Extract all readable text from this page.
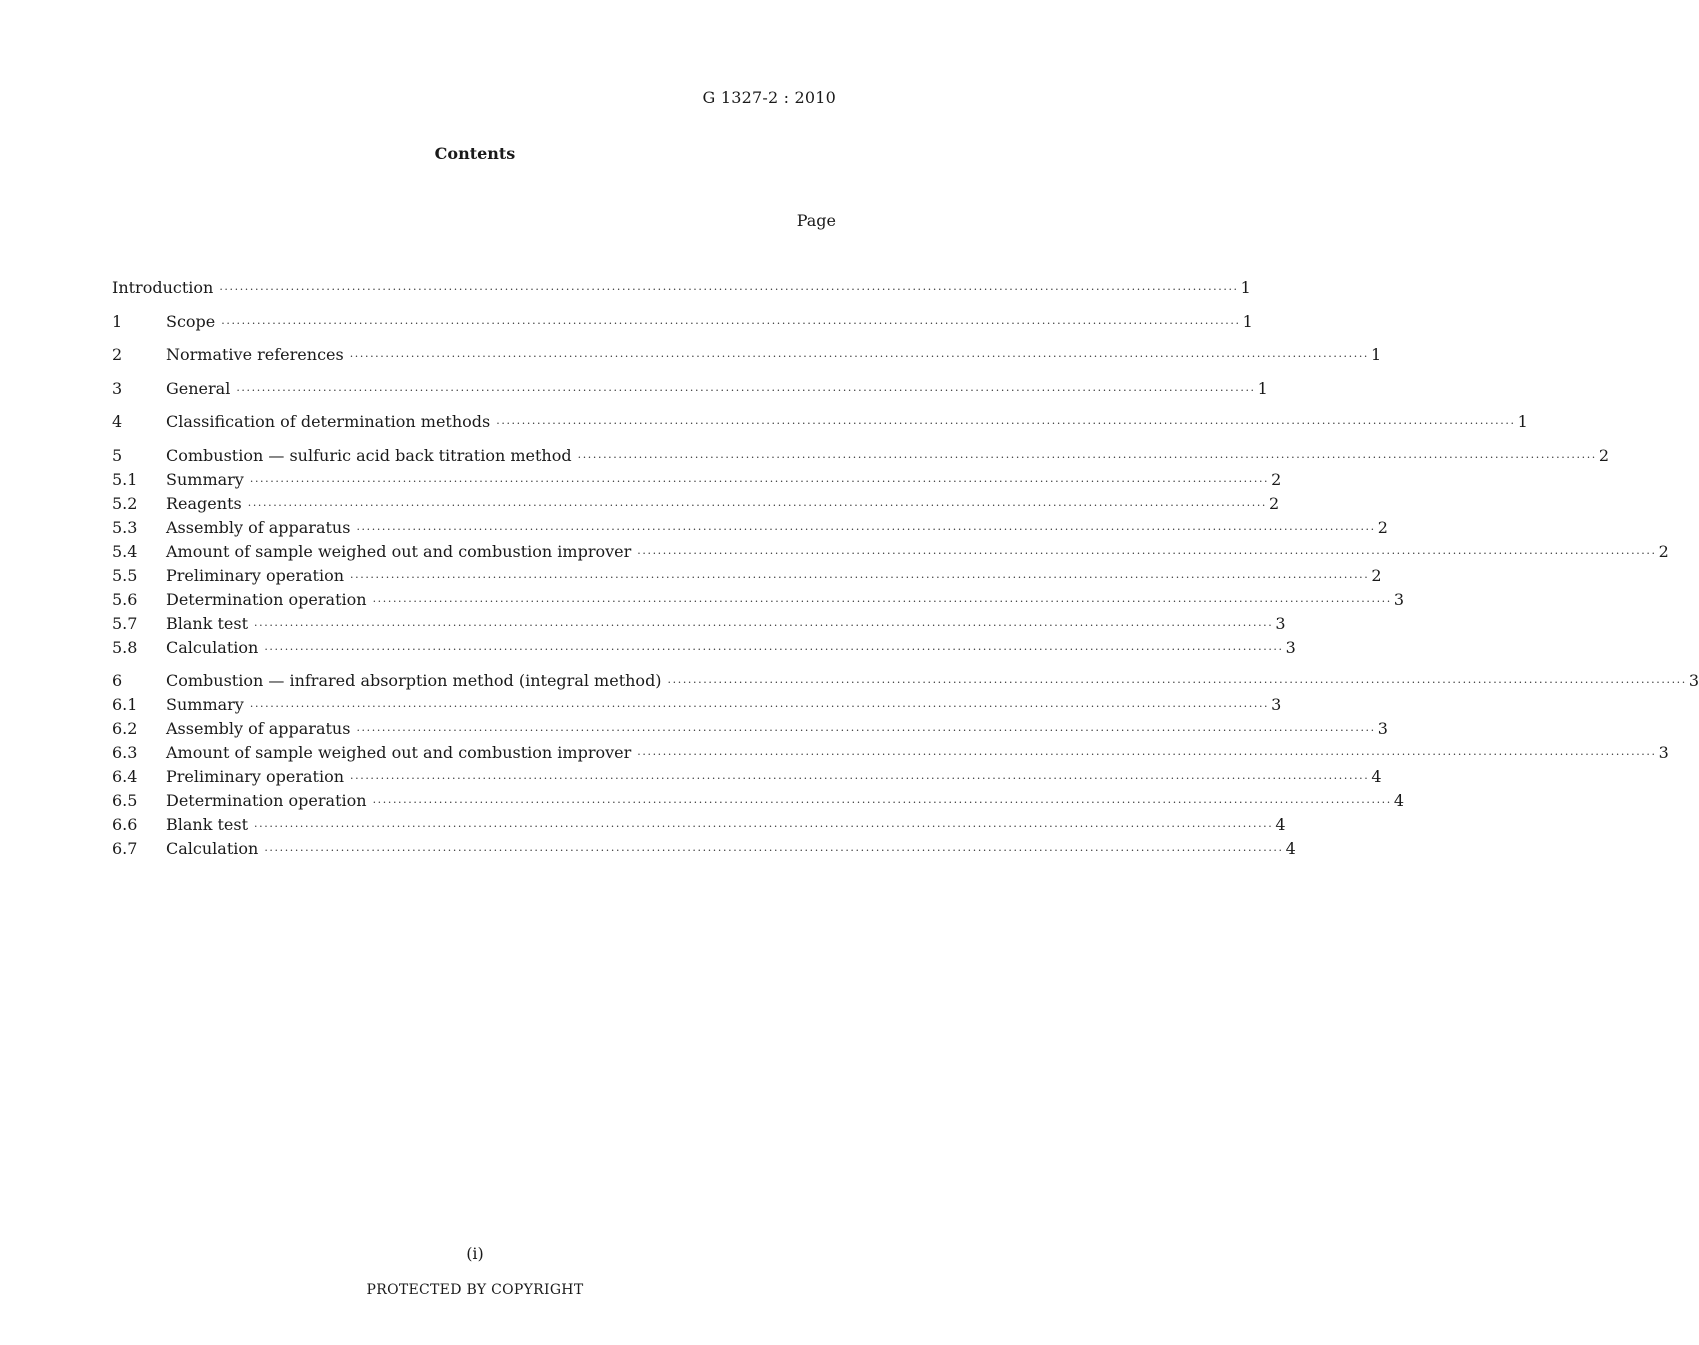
G 1327-2 : 2010
Contents
Page
Introduction ········································································································································································································ 1
1	Scope ········································································································································································································ 1
2	Normative references ········································································································································································································ 1
3	General ········································································································································································································ 1
4	Classification of determination methods ········································································································································································································ 1
5	Combustion — sulfuric acid back titration method ········································································································································································································ 2
5.1	Summary ········································································································································································································ 2
5.2	Reagents ········································································································································································································ 2
5.3	Assembly of apparatus ········································································································································································································ 2
5.4	Amount of sample weighed out and combustion improver ········································································································································································································ 2
5.5	Preliminary operation ········································································································································································································ 2
5.6	Determination operation ········································································································································································································ 3
5.7	Blank test ········································································································································································································ 3
5.8	Calculation ········································································································································································································ 3
6	Combustion — infrared absorption method (integral method) ········································································································································································································ 3
6.1	Summary ········································································································································································································ 3
6.2	Assembly of apparatus ········································································································································································································ 3
6.3	Amount of sample weighed out and combustion improver ········································································································································································································ 3
6.4	Preliminary operation ········································································································································································································ 4
6.5	Determination operation ········································································································································································································ 4
6.6	Blank test ········································································································································································································ 4
6.7	Calculation ········································································································································································································ 4
(i)
PROTECTED BY COPYRIGHT
